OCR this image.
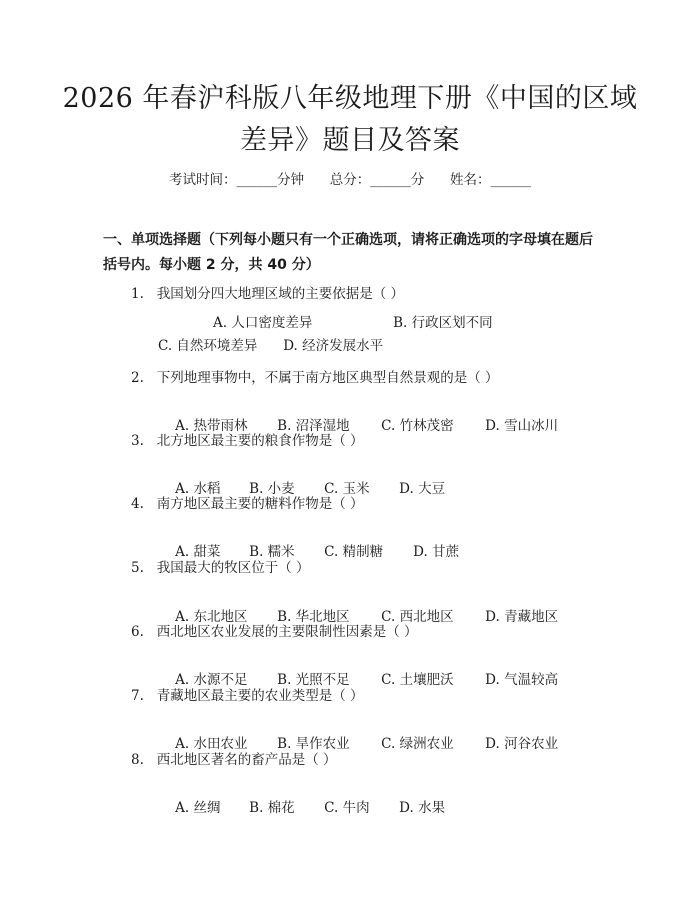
2026 年春沪科版八年级地理下册《中国的区域差异》题目及答案
考试时间：______分钟      总分：______分      姓名：______
一、单项选择题（下列每小题只有一个正确选项，请将正确选项的字母填在题后括号内。每小题 2 分，共 40 分）
1.   我国划分四大地理区域的主要依据是（ ）
A. 人口密度差异	B. 行政区划不同      C. 自然环境差异 D. 经济发展水平
2.   下列地理事物中，不属于南方地区典型自然景观的是（ ）

A. 热带雨林 B. 沼泽湿地 C. 竹林茂密 D. 雪山冰川

3.   北方地区最主要的粮食作物是（ ）

A. 水稻 B. 小麦 C. 玉米 D. 大豆

4.   南方地区最主要的糖料作物是（ ）

A. 甜菜 B. 糯米 C. 精制糖 D. 甘蔗

5.   我国最大的牧区位于（ ）

A. 东北地区 B. 华北地区 C. 西北地区 D. 青藏地区

6.   西北地区农业发展的主要限制性因素是（ ）

A. 水源不足 B. 光照不足 C. 土壤肥沃 D. 气温较高

7.   青藏地区最主要的农业类型是（ ）

A. 水田农业 B. 旱作农业 C. 绿洲农业 D. 河谷农业

8.   西北地区著名的畜产品是（ ）

A. 丝绸 B. 棉花 C. 牛肉 D. 水果
